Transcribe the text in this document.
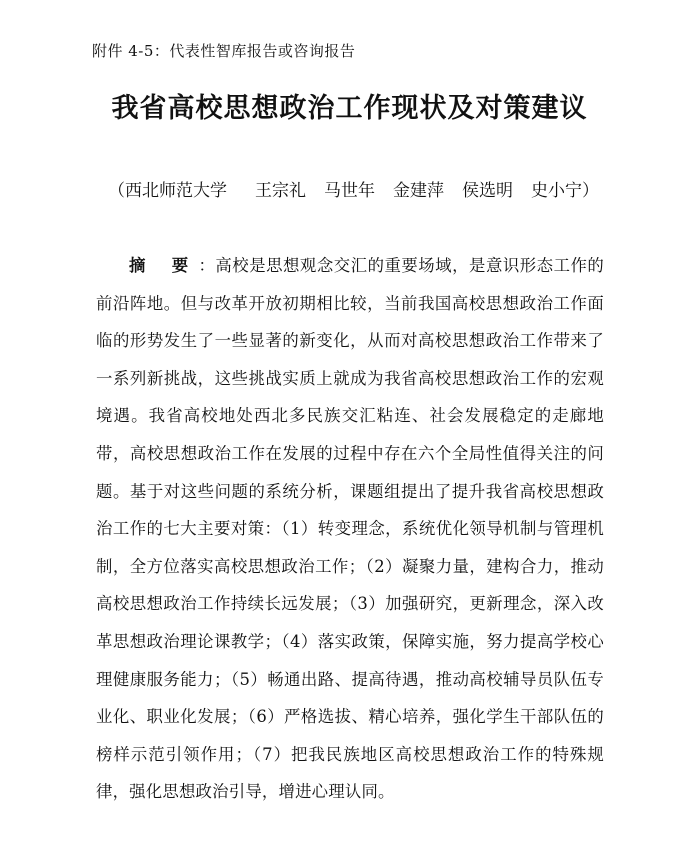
附件 4-5：代表性智库报告或咨询报告
我省高校思想政治工作现状及对策建议
（西北师范大学 王宗礼 马世年 金建萍 侯选明 史小宁）
摘 要：高校是思想观念交汇的重要场域，是意识形态工作的前沿阵地。但与改革开放初期相比较，当前我国高校思想政治工作面临的形势发生了一些显著的新变化，从而对高校思想政治工作带来了一系列新挑战，这些挑战实质上就成为我省高校思想政治工作的宏观境遇。我省高校地处西北多民族交汇粘连、社会发展稳定的走廊地带，高校思想政治工作在发展的过程中存在六个全局性值得关注的问题。基于对这些问题的系统分析，课题组提出了提升我省高校思想政治工作的七大主要对策：（1）转变理念，系统优化领导机制与管理机制，全方位落实高校思想政治工作；（2）凝聚力量，建构合力，推动高校思想政治工作持续长远发展；（3）加强研究，更新理念，深入改革思想政治理论课教学；（4）落实政策，保障实施，努力提高学校心理健康服务能力；（5）畅通出路、提高待遇，推动高校辅导员队伍专业化、职业化发展；（6）严格选拔、精心培养，强化学生干部队伍的榜样示范引领作用；（7）把我民族地区高校思想政治工作的特殊规律，强化思想政治引导，增进心理认同。
